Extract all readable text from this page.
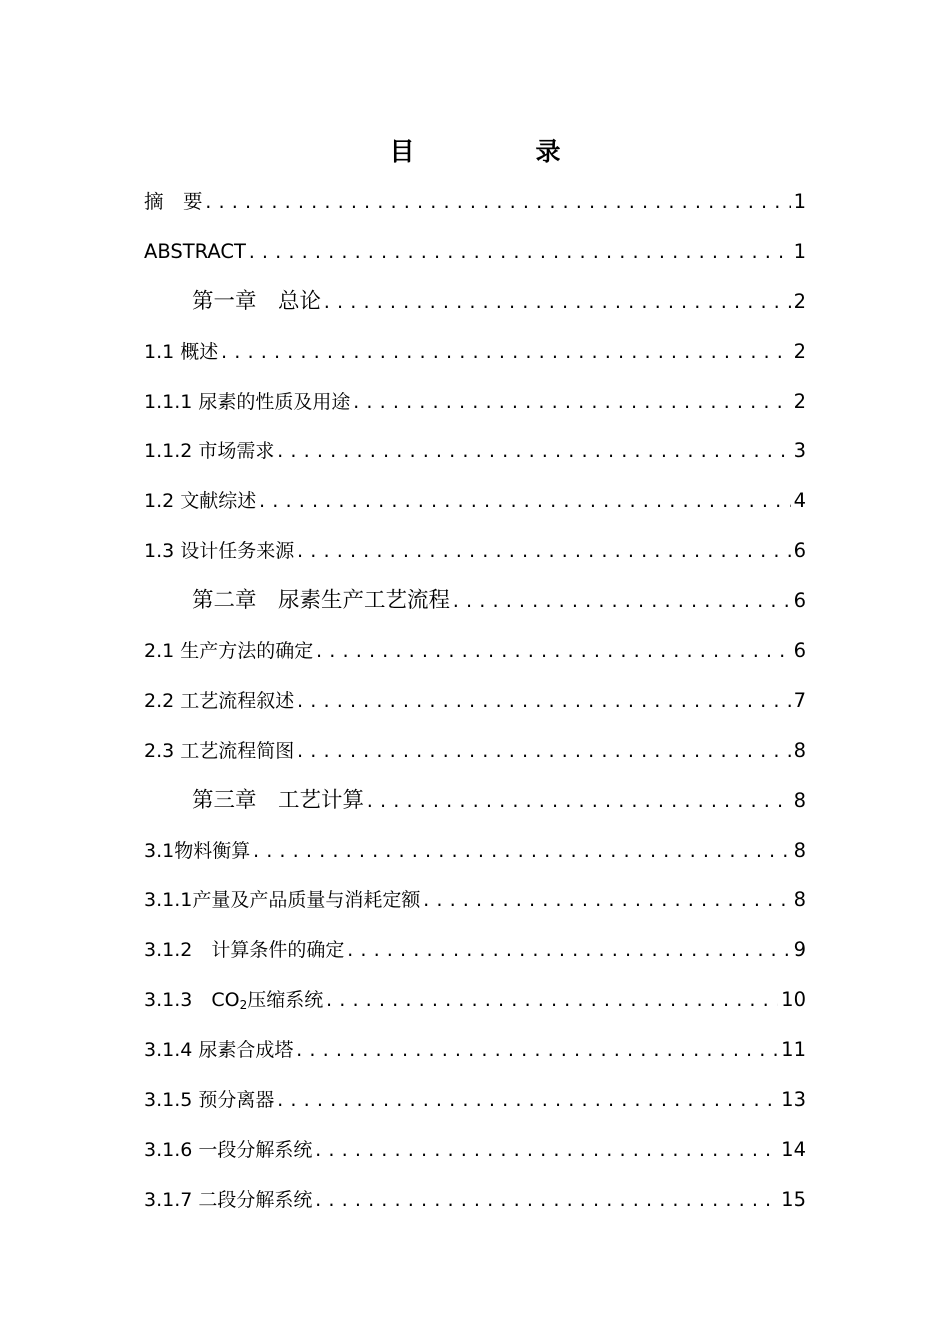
目　录
摘　要 .....	1
ABSTRACT .....	1
第一章　总论 .....	2
1.1 概述 .....	2
1.1.1 尿素的性质及用途 .....	2
1.1.2 市场需求 .....	3
1.2 文献综述 .....	4
1.3 设计任务来源 .....	6
第二章　尿素生产工艺流程 .....	6
2.1 生产方法的确定 .....	6
2.2 工艺流程叙述 .....	7
2.3 工艺流程简图 .....	8
第三章　工艺计算 .....	8
3.1物料衡算 .....	8
3.1.1产量及产品质量与消耗定额 .....	8
3.1.2　计算条件的确定 .....	9
3.1.3　$CO_2$压缩系统 .....	10
3.1.4 尿素合成塔 .....	11
3.1.5 预分离器 .....	13
3.1.6 一段分解系统 .....	14
3.1.7 二段分解系统 .....	15
